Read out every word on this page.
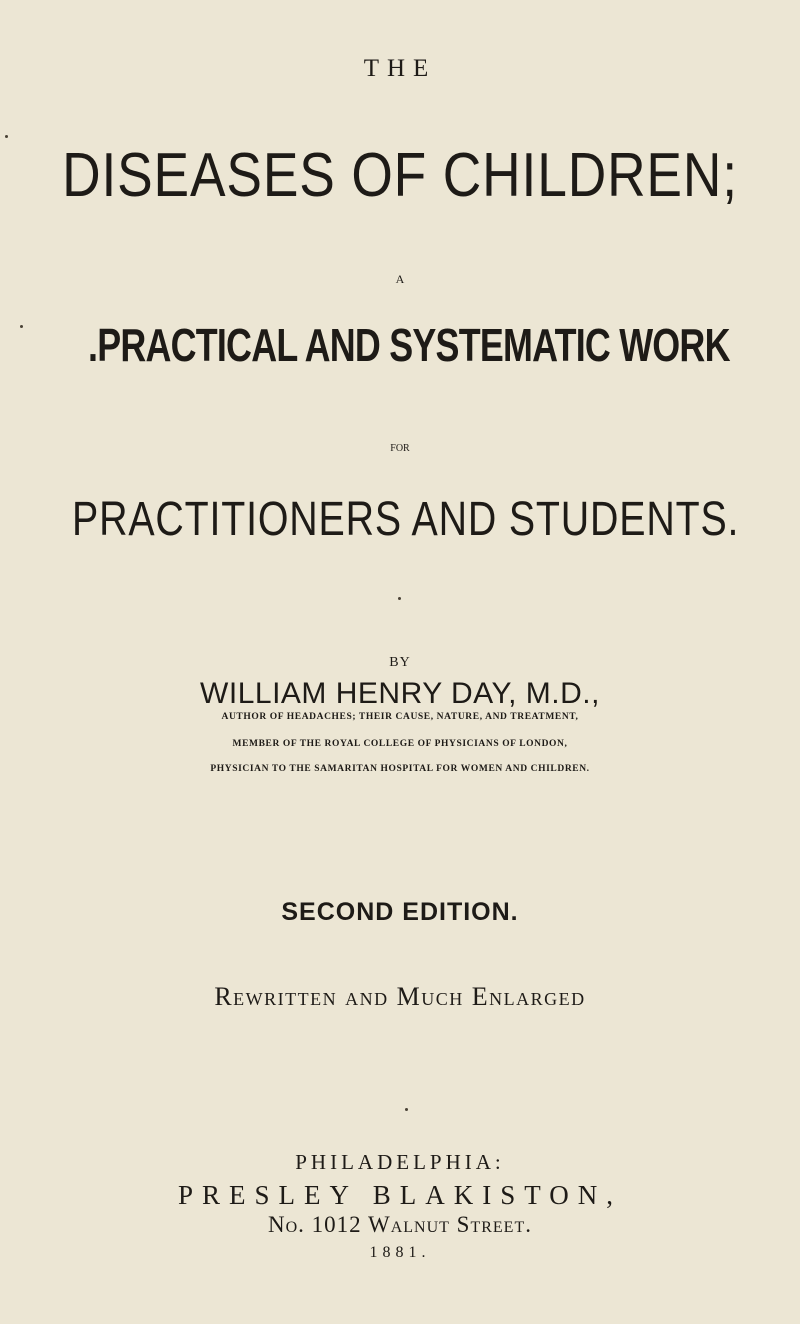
THE
DISEASES OF CHILDREN;
A
.PRACTICAL AND SYSTEMATIC WORK
FOR
PRACTITIONERS AND STUDENTS.
BY
WILLIAM HENRY DAY, M.D.,
AUTHOR OF HEADACHES; THEIR CAUSE, NATURE, AND TREATMENT,
MEMBER OF THE ROYAL COLLEGE OF PHYSICIANS OF LONDON,
PHYSICIAN TO THE SAMARITAN HOSPITAL FOR WOMEN AND CHILDREN.
SECOND EDITION.
Rewritten and Much Enlarged
PHILADELPHIA:
PRESLEY BLAKISTON,
No. 1012 Walnut Street.
1881.
